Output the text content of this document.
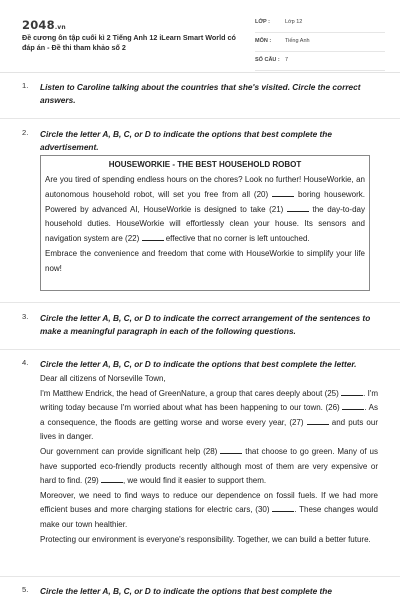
2048.vn
Đề cương ôn tập cuối kì 2 Tiếng Anh 12 iLearn Smart World có đáp án - Đề thi tham khảo số 2
LỚP :	Lớp 12
MÔN :	Tiếng Anh
SỐ CÂU : 7
1. Listen to Caroline talking about the countries that she's visited. Circle the correct answers.
2. Circle the letter A, B, C, or D to indicate the options that best complete the advertisement.
HOUSEWORKIE - THE BEST HOUSEHOLD ROBOT
Are you tired of spending endless hours on the chores? Look no further! HouseWorkie, an autonomous household robot, will set you free from all (20)	boring housework. Powered by advanced AI, HouseWorkie is designed to take (21)	the day-to-day household duties. HouseWorkie will effortlessly clean your house. Its sensors and navigation system are (22)	effective that no corner is left untouched.
Embrace the convenience and freedom that come with HouseWorkie to simplify your life now!
3. Circle the letter A, B, C, or D to indicate the correct arrangement of the sentences to make a meaningful paragraph in each of the following questions.
4. Circle the letter A, B, C, or D to indicate the options that best complete the letter.

Dear all citizens of Norseville Town,

I'm Matthew Endrick, the head of GreenNature, a group that cares deeply about (25)	. I'm writing today because I'm worried about what has been happening to our town. (26)	. As a consequence, the floods are getting worse and worse every year, (27)	and puts our lives in danger.

Our government can provide significant help (28)	that choose to go green. Many of us have supported eco-friendly products recently although most of them are very expensive or hard to find. (29)	, we would find it easier to support them.

Moreover, we need to find ways to reduce our dependence on fossil fuels. If we had more efficient buses and more charging stations for electric cars, (30)	. These changes would make our town healthier.

Protecting our environment is everyone's responsibility. Together, we can build a better future.

5. Circle the letter A, B, C, or D to indicate the options that best complete the
